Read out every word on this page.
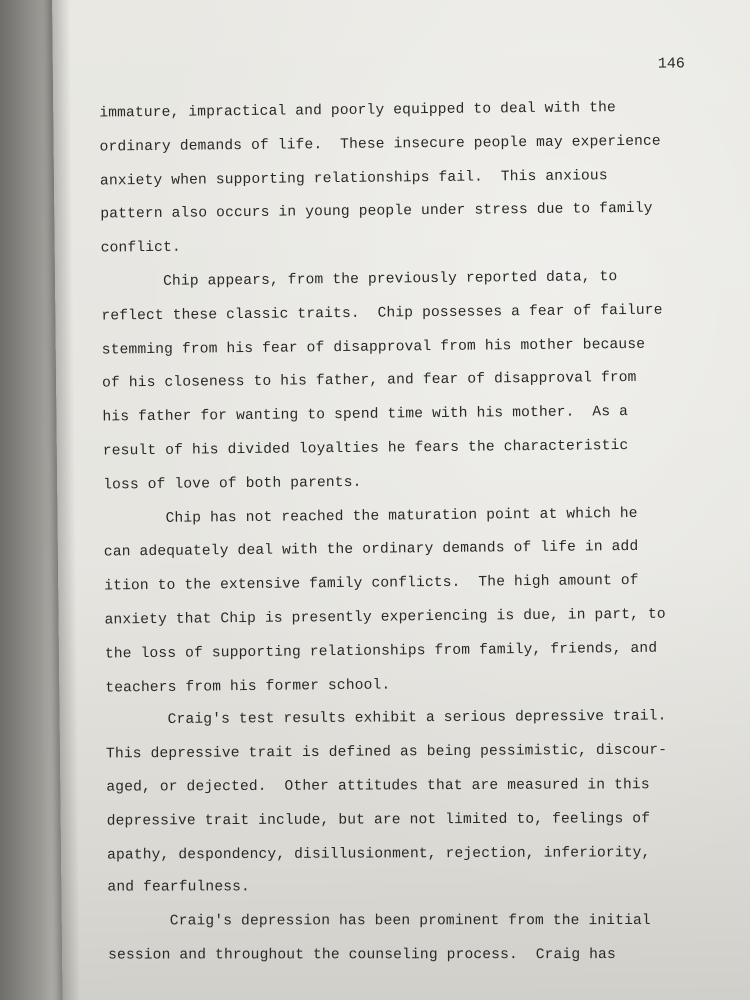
146
immature, impractical and poorly equipped to deal with the
ordinary demands of life.  These insecure people may experience
anxiety when supporting relationships fail.  This anxious
pattern also occurs in young people under stress due to family
conflict.
Chip appears, from the previously reported data, to
reflect these classic traits.  Chip possesses a fear of failure
stemming from his fear of disapproval from his mother because
of his closeness to his father, and fear of disapproval from
his father for wanting to spend time with his mother.  As a
result of his divided loyalties he fears the characteristic
loss of love of both parents.
Chip has not reached the maturation point at which he
can adequately deal with the ordinary demands of life in add
ition to the extensive family conflicts.  The high amount of
anxiety that Chip is presently experiencing is due, in part, to
the loss of supporting relationships from family, friends, and
teachers from his former school.
Craig's test results exhibit a serious depressive trail.
This depressive trait is defined as being pessimistic, discour-
aged, or dejected.  Other attitudes that are measured in this
depressive trait include, but are not limited to, feelings of
apathy, despondency, disillusionment, rejection, inferiority,
and fearfulness.
Craig's depression has been prominent from the initial
session and throughout the counseling process.  Craig has
